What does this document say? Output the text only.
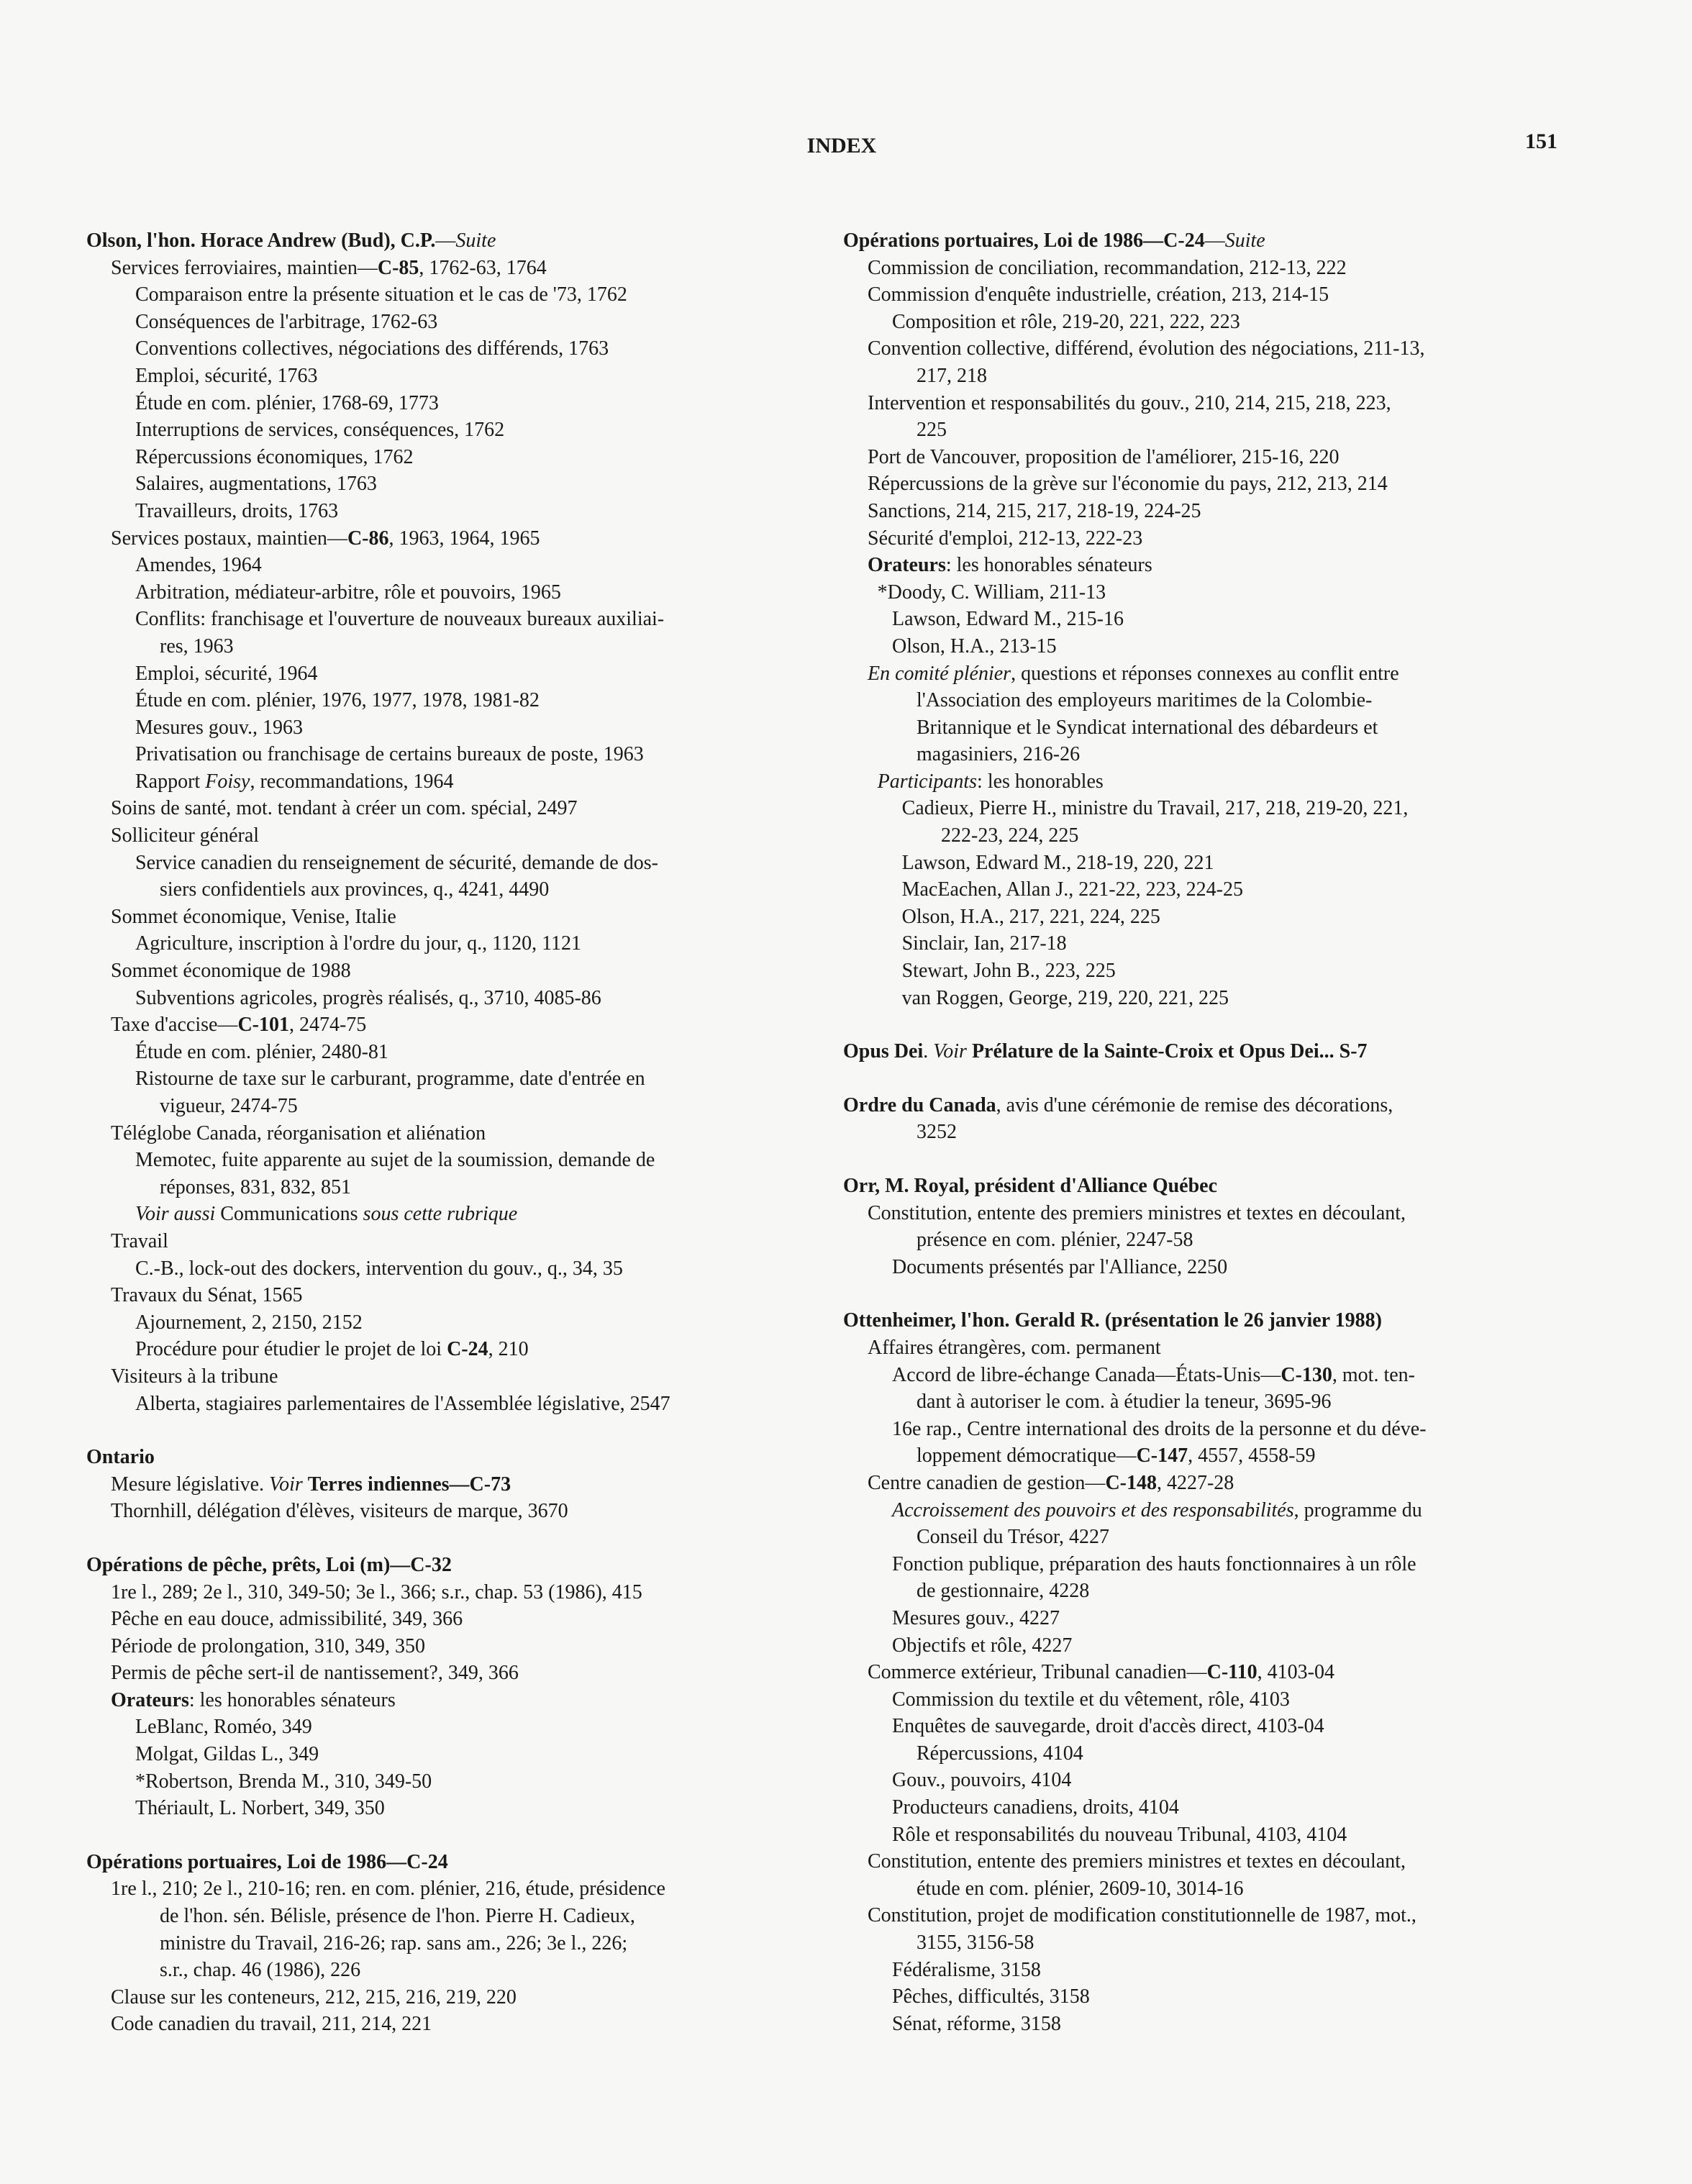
INDEX	151
Olson, l'hon. Horace Andrew (Bud), C.P.—Suite
Services ferroviaires, maintien—C-85, 1762-63, 1764
Comparaison entre la présente situation et le cas de '73, 1762
Conséquences de l'arbitrage, 1762-63
Conventions collectives, négociations des différends, 1763
Emploi, sécurité, 1763
Étude en com. plénier, 1768-69, 1773
Interruptions de services, conséquences, 1762
Répercussions économiques, 1762
Salaires, augmentations, 1763
Travailleurs, droits, 1763
Services postaux, maintien—C-86, 1963, 1964, 1965
Amendes, 1964
Arbitration, médiateur-arbitre, rôle et pouvoirs, 1965
Conflits: franchisage et l'ouverture de nouveaux bureaux auxiliai-
res, 1963
Emploi, sécurité, 1964
Étude en com. plénier, 1976, 1977, 1978, 1981-82
Mesures gouv., 1963
Privatisation ou franchisage de certains bureaux de poste, 1963
Rapport Foisy, recommandations, 1964
Soins de santé, mot. tendant à créer un com. spécial, 2497
Solliciteur général
Service canadien du renseignement de sécurité, demande de dos-
siers confidentiels aux provinces, q., 4241, 4490
Sommet économique, Venise, Italie
Agriculture, inscription à l'ordre du jour, q., 1120, 1121
Sommet économique de 1988
Subventions agricoles, progrès réalisés, q., 3710, 4085-86
Taxe d'accise—C-101, 2474-75
Étude en com. plénier, 2480-81
Ristourne de taxe sur le carburant, programme, date d'entrée en
vigueur, 2474-75
Téléglobe Canada, réorganisation et aliénation
Memotec, fuite apparente au sujet de la soumission, demande de
réponses, 831, 832, 851
Voir aussi Communications sous cette rubrique
Travail
C.-B., lock-out des dockers, intervention du gouv., q., 34, 35
Travaux du Sénat, 1565
Ajournement, 2, 2150, 2152
Procédure pour étudier le projet de loi C-24, 210
Visiteurs à la tribune
Alberta, stagiaires parlementaires de l'Assemblée législative, 2547
Ontario
Mesure législative. Voir Terres indiennes—C-73
Thornhill, délégation d'élèves, visiteurs de marque, 3670
Opérations de pêche, prêts, Loi (m)—C-32
1re l., 289; 2e l., 310, 349-50; 3e l., 366; s.r., chap. 53 (1986), 415
Pêche en eau douce, admissibilité, 349, 366
Période de prolongation, 310, 349, 350
Permis de pêche sert-il de nantissement?, 349, 366
Orateurs: les honorables sénateurs
LeBlanc, Roméo, 349
Molgat, Gildas L., 349
*Robertson, Brenda M., 310, 349-50
Thériault, L. Norbert, 349, 350
Opérations portuaires, Loi de 1986—C-24
1re l., 210; 2e l., 210-16; ren. en com. plénier, 216, étude, présidence
de l'hon. sén. Bélisle, présence de l'hon. Pierre H. Cadieux,
ministre du Travail, 216-26; rap. sans am., 226; 3e l., 226;
s.r., chap. 46 (1986), 226
Clause sur les conteneurs, 212, 215, 216, 219, 220
Code canadien du travail, 211, 214, 221
Opérations portuaires, Loi de 1986—C-24—Suite
Commission de conciliation, recommandation, 212-13, 222
Commission d'enquête industrielle, création, 213, 214-15
Composition et rôle, 219-20, 221, 222, 223
Convention collective, différend, évolution des négociations, 211-13,
217, 218
Intervention et responsabilités du gouv., 210, 214, 215, 218, 223,
225
Port de Vancouver, proposition de l'améliorer, 215-16, 220
Répercussions de la grève sur l'économie du pays, 212, 213, 214
Sanctions, 214, 215, 217, 218-19, 224-25
Sécurité d'emploi, 212-13, 222-23
Orateurs: les honorables sénateurs
*Doody, C. William, 211-13
Lawson, Edward M., 215-16
Olson, H.A., 213-15
En comité plénier, questions et réponses connexes au conflit entre
l'Association des employeurs maritimes de la Colombie-
Britannique et le Syndicat international des débardeurs et
magasiniers, 216-26
Participants: les honorables
Cadieux, Pierre H., ministre du Travail, 217, 218, 219-20, 221,
222-23, 224, 225
Lawson, Edward M., 218-19, 220, 221
MacEachen, Allan J., 221-22, 223, 224-25
Olson, H.A., 217, 221, 224, 225
Sinclair, Ian, 217-18
Stewart, John B., 223, 225
van Roggen, George, 219, 220, 221, 225
Opus Dei. Voir Prélature de la Sainte-Croix et Opus Dei... S-7
Ordre du Canada, avis d'une cérémonie de remise des décorations,
3252
Orr, M. Royal, président d'Alliance Québec
Constitution, entente des premiers ministres et textes en découlant,
présence en com. plénier, 2247-58
Documents présentés par l'Alliance, 2250
Ottenheimer, l'hon. Gerald R. (présentation le 26 janvier 1988)
Affaires étrangères, com. permanent
Accord de libre-échange Canada—États-Unis—C-130, mot. ten-
dant à autoriser le com. à étudier la teneur, 3695-96
16e rap., Centre international des droits de la personne et du déve-
loppement démocratique—C-147, 4557, 4558-59
Centre canadien de gestion—C-148, 4227-28
Accroissement des pouvoirs et des responsabilités, programme du
Conseil du Trésor, 4227
Fonction publique, préparation des hauts fonctionnaires à un rôle
de gestionnaire, 4228
Mesures gouv., 4227
Objectifs et rôle, 4227
Commerce extérieur, Tribunal canadien—C-110, 4103-04
Commission du textile et du vêtement, rôle, 4103
Enquêtes de sauvegarde, droit d'accès direct, 4103-04
Répercussions, 4104
Gouv., pouvoirs, 4104
Producteurs canadiens, droits, 4104
Rôle et responsabilités du nouveau Tribunal, 4103, 4104
Constitution, entente des premiers ministres et textes en découlant,
étude en com. plénier, 2609-10, 3014-16
Constitution, projet de modification constitutionnelle de 1987, mot.,
3155, 3156-58
Fédéralisme, 3158
Pêches, difficultés, 3158
Sénat, réforme, 3158
